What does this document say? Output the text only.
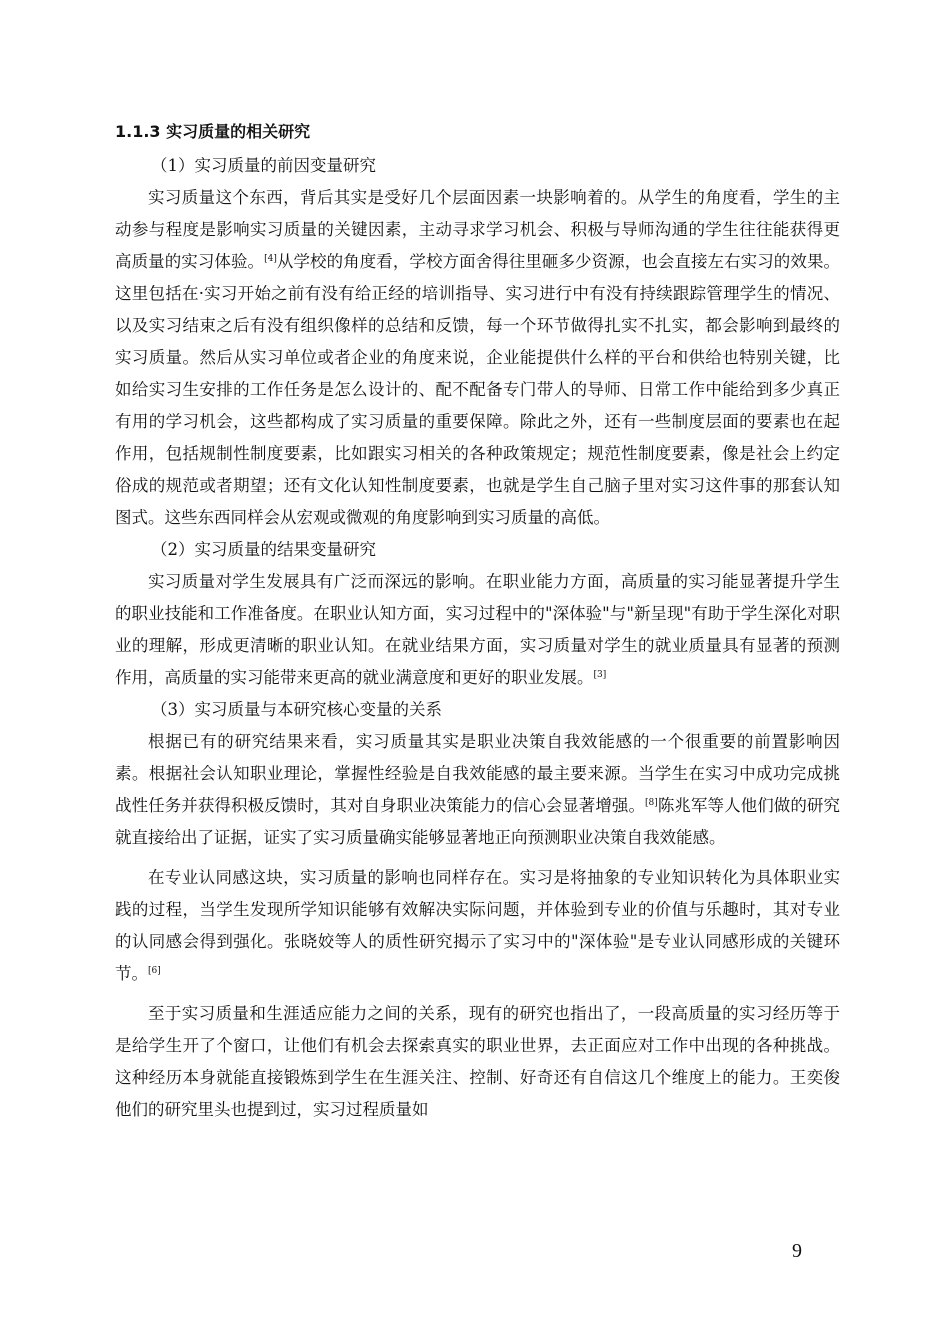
1.1.3 实习质量的相关研究

（1）实习质量的前因变量研究

实习质量这个东西，背后其实是受好几个层面因素一块影响着的。从学生的角度看，学生的主动参与程度是影响实习质量的关键因素，主动寻求学习机会、积极与导师沟通的学生往往能获得更高质量的实习体验。[4]从学校的角度看，学校方面舍得往里砸多少资源，也会直接左右实习的效果。这里包括在·实习开始之前有没有给正经的培训指导、实习进行中有没有持续跟踪管理学生的情况、以及实习结束之后有没有组织像样的总结和反馈，每一个环节做得扎实不扎实，都会影响到最终的实习质量。然后从实习单位或者企业的角度来说，企业能提供什么样的平台和供给也特别关键，比如给实习生安排的工作任务是怎么设计的、配不配备专门带人的导师、日常工作中能给到多少真正有用的学习机会，这些都构成了实习质量的重要保障。除此之外，还有一些制度层面的要素也在起作用，包括规制性制度要素，比如跟实习相关的各种政策规定；规范性制度要素，像是社会上约定俗成的规范或者期望；还有文化认知性制度要素，也就是学生自己脑子里对实习这件事的那套认知图式。这些东西同样会从宏观或微观的角度影响到实习质量的高低。

（2）实习质量的结果变量研究

实习质量对学生发展具有广泛而深远的影响。在职业能力方面，高质量的实习能显著提升学生的职业技能和工作准备度。在职业认知方面，实习过程中的"深体验"与"新呈现"有助于学生深化对职业的理解，形成更清晰的职业认知。在就业结果方面，实习质量对学生的就业质量具有显著的预测作用，高质量的实习能带来更高的就业满意度和更好的职业发展。[3]

（3）实习质量与本研究核心变量的关系

根据已有的研究结果来看，实习质量其实是职业决策自我效能感的一个很重要的前置影响因素。根据社会认知职业理论，掌握性经验是自我效能感的最主要来源。当学生在实习中成功完成挑战性任务并获得积极反馈时，其对自身职业决策能力的信心会显著增强。[8]陈兆军等人他们做的研究就直接给出了证据，证实了实习质量确实能够显著地正向预测职业决策自我效能感。

在专业认同感这块，实习质量的影响也同样存在。实习是将抽象的专业知识转化为具体职业实践的过程，当学生发现所学知识能够有效解决实际问题，并体验到专业的价值与乐趣时，其对专业的认同感会得到强化。张晓姣等人的质性研究揭示了实习中的"深体验"是专业认同感形成的关键环节。[6]

至于实习质量和生涯适应能力之间的关系，现有的研究也指出了，一段高质量的实习经历等于是给学生开了个窗口，让他们有机会去探索真实的职业世界，去正面应对工作中出现的各种挑战。这种经历本身就能直接锻炼到学生在生涯关注、控制、好奇还有自信这几个维度上的能力。王奕俊他们的研究里头也提到过，实习过程质量如

9
